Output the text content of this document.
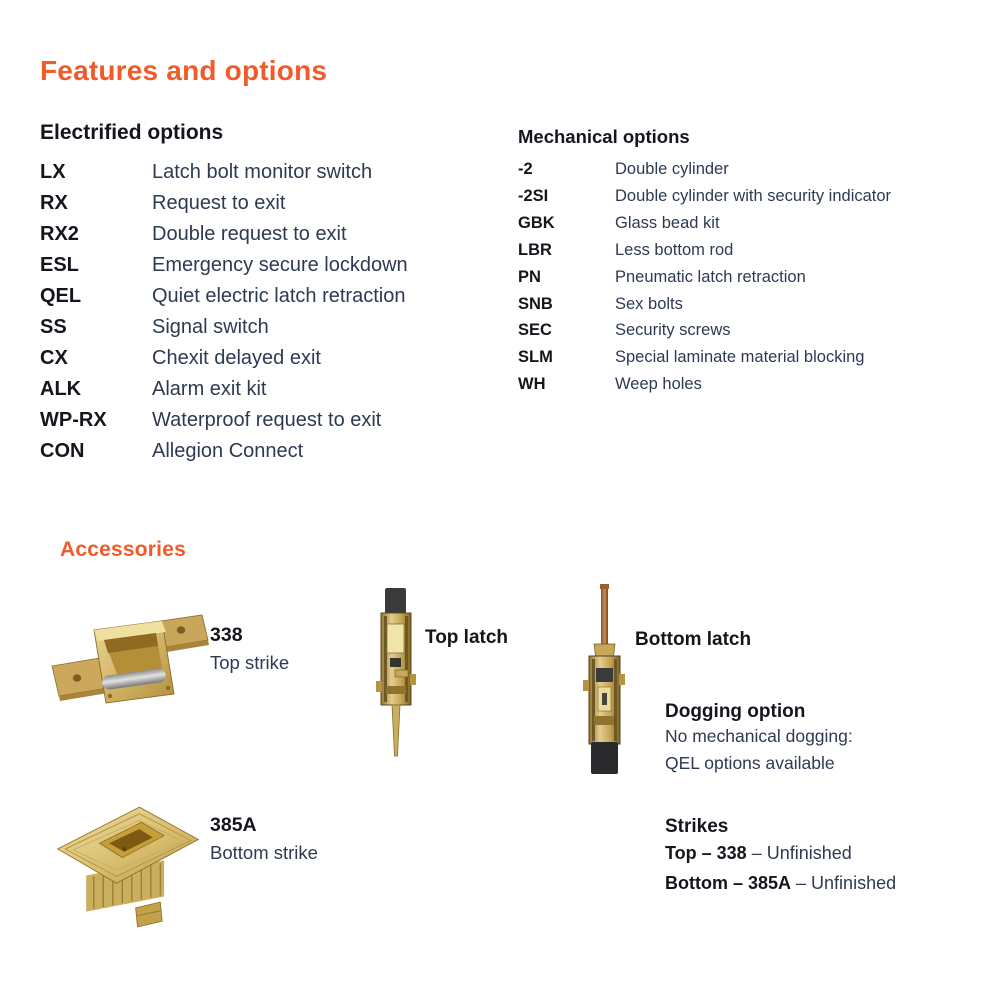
Features and options
Electrified options
LX	Latch bolt monitor switch
RX	Request to exit
RX2	Double request to exit
ESL	Emergency secure lockdown
QEL	Quiet electric latch retraction
SS	Signal switch
CX	Chexit delayed exit
ALK	Alarm exit kit
WP-RX Waterproof request to exit
CON	Allegion Connect
Mechanical options
-2	Double cylinder
-2SI	Double cylinder with security indicator
GBK	Glass bead kit
LBR	Less bottom rod
PN	Pneumatic latch retraction
SNB	Sex bolts
SEC	Security screws
SLM	Special laminate material blocking
WH	Weep holes
Accessories
338
Top strike
Top latch	Bottom latch
Dogging option
No mechanical dogging:
QEL options available
385A
Bottom strike
Strikes
Top – 338 – Unfinished
Bottom – 385A – Unfinished
